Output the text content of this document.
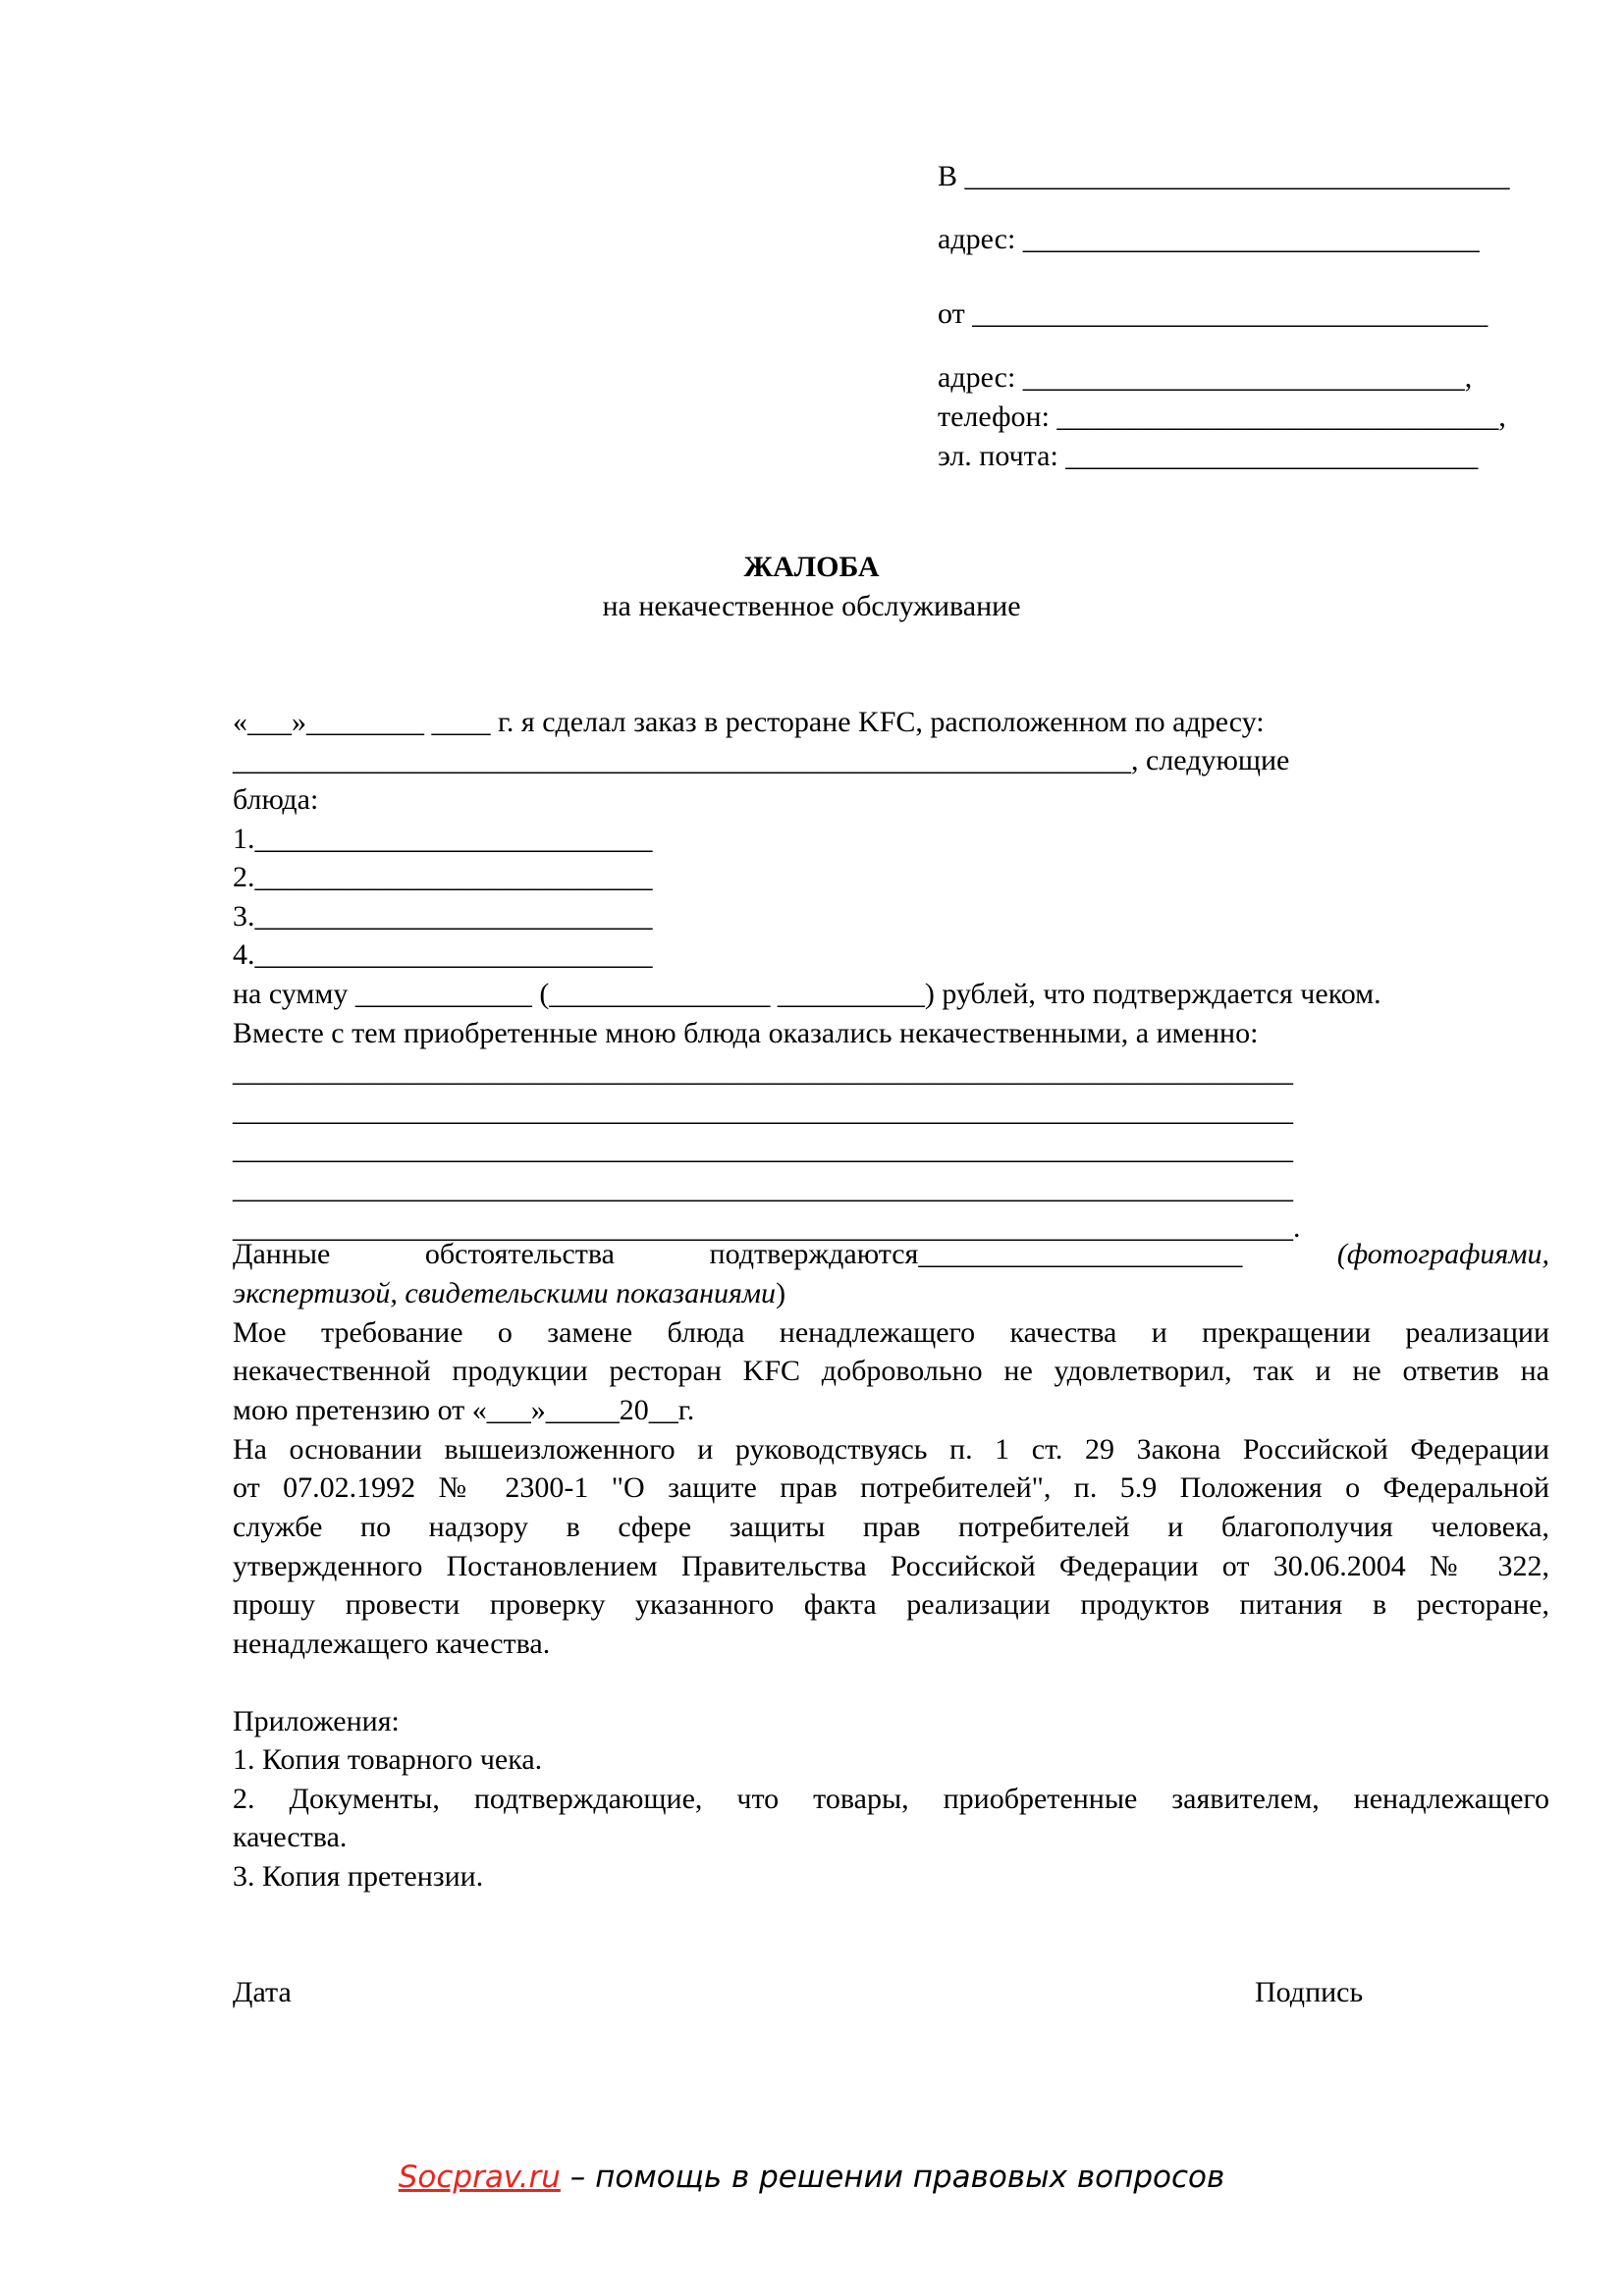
В _____________________________________
адрес: _______________________________
от ___________________________________
адрес: ______________________________,
телефон: ______________________________,
эл. почта: ____________________________
ЖАЛОБА
на некачественное обслуживание
«___»________ ____ г. я сделал заказ в ресторане KFC, расположенном по адресу:
_____________________________________________________________, следующие
блюда:
1.___________________________
2.___________________________
3.___________________________
4.___________________________
на сумму ____________ (_______________ __________) рублей, что подтверждается чеком.
Вместе с тем приобретенные мною блюда оказались некачественными, а именно:
________________________________________________________________________
________________________________________________________________________
________________________________________________________________________
________________________________________________________________________
________________________________________________________________________.
Данные	обстоятельства	подтверждаются______________________	(фотографиями,
экспертизой, свидетельскими показаниями)
Мое требование о замене блюда ненадлежащего качества и прекращении реализации
некачественной продукции ресторан KFC добровольно не удовлетворил, так и не ответив на
мою претензию от «___»_____20__г.
На основании вышеизложенного и руководствуясь п. 1 ст. 29 Закона Российской Федерации
от 07.02.1992 № 2300-1 "О защите прав потребителей", п. 5.9 Положения о Федеральной
службе по надзору в сфере защиты прав потребителей и благополучия человека,
утвержденного Постановлением Правительства Российской Федерации от 30.06.2004 № 322,
прошу провести проверку указанного факта реализации продуктов питания в ресторане,
ненадлежащего качества.
Приложения:
1. Копия товарного чека.
2. Документы, подтверждающие, что товары, приобретенные заявителем, ненадлежащего
качества.
3. Копия претензии.
Дата	Подпись
Socprav.ru – помощь в решении правовых вопросов
